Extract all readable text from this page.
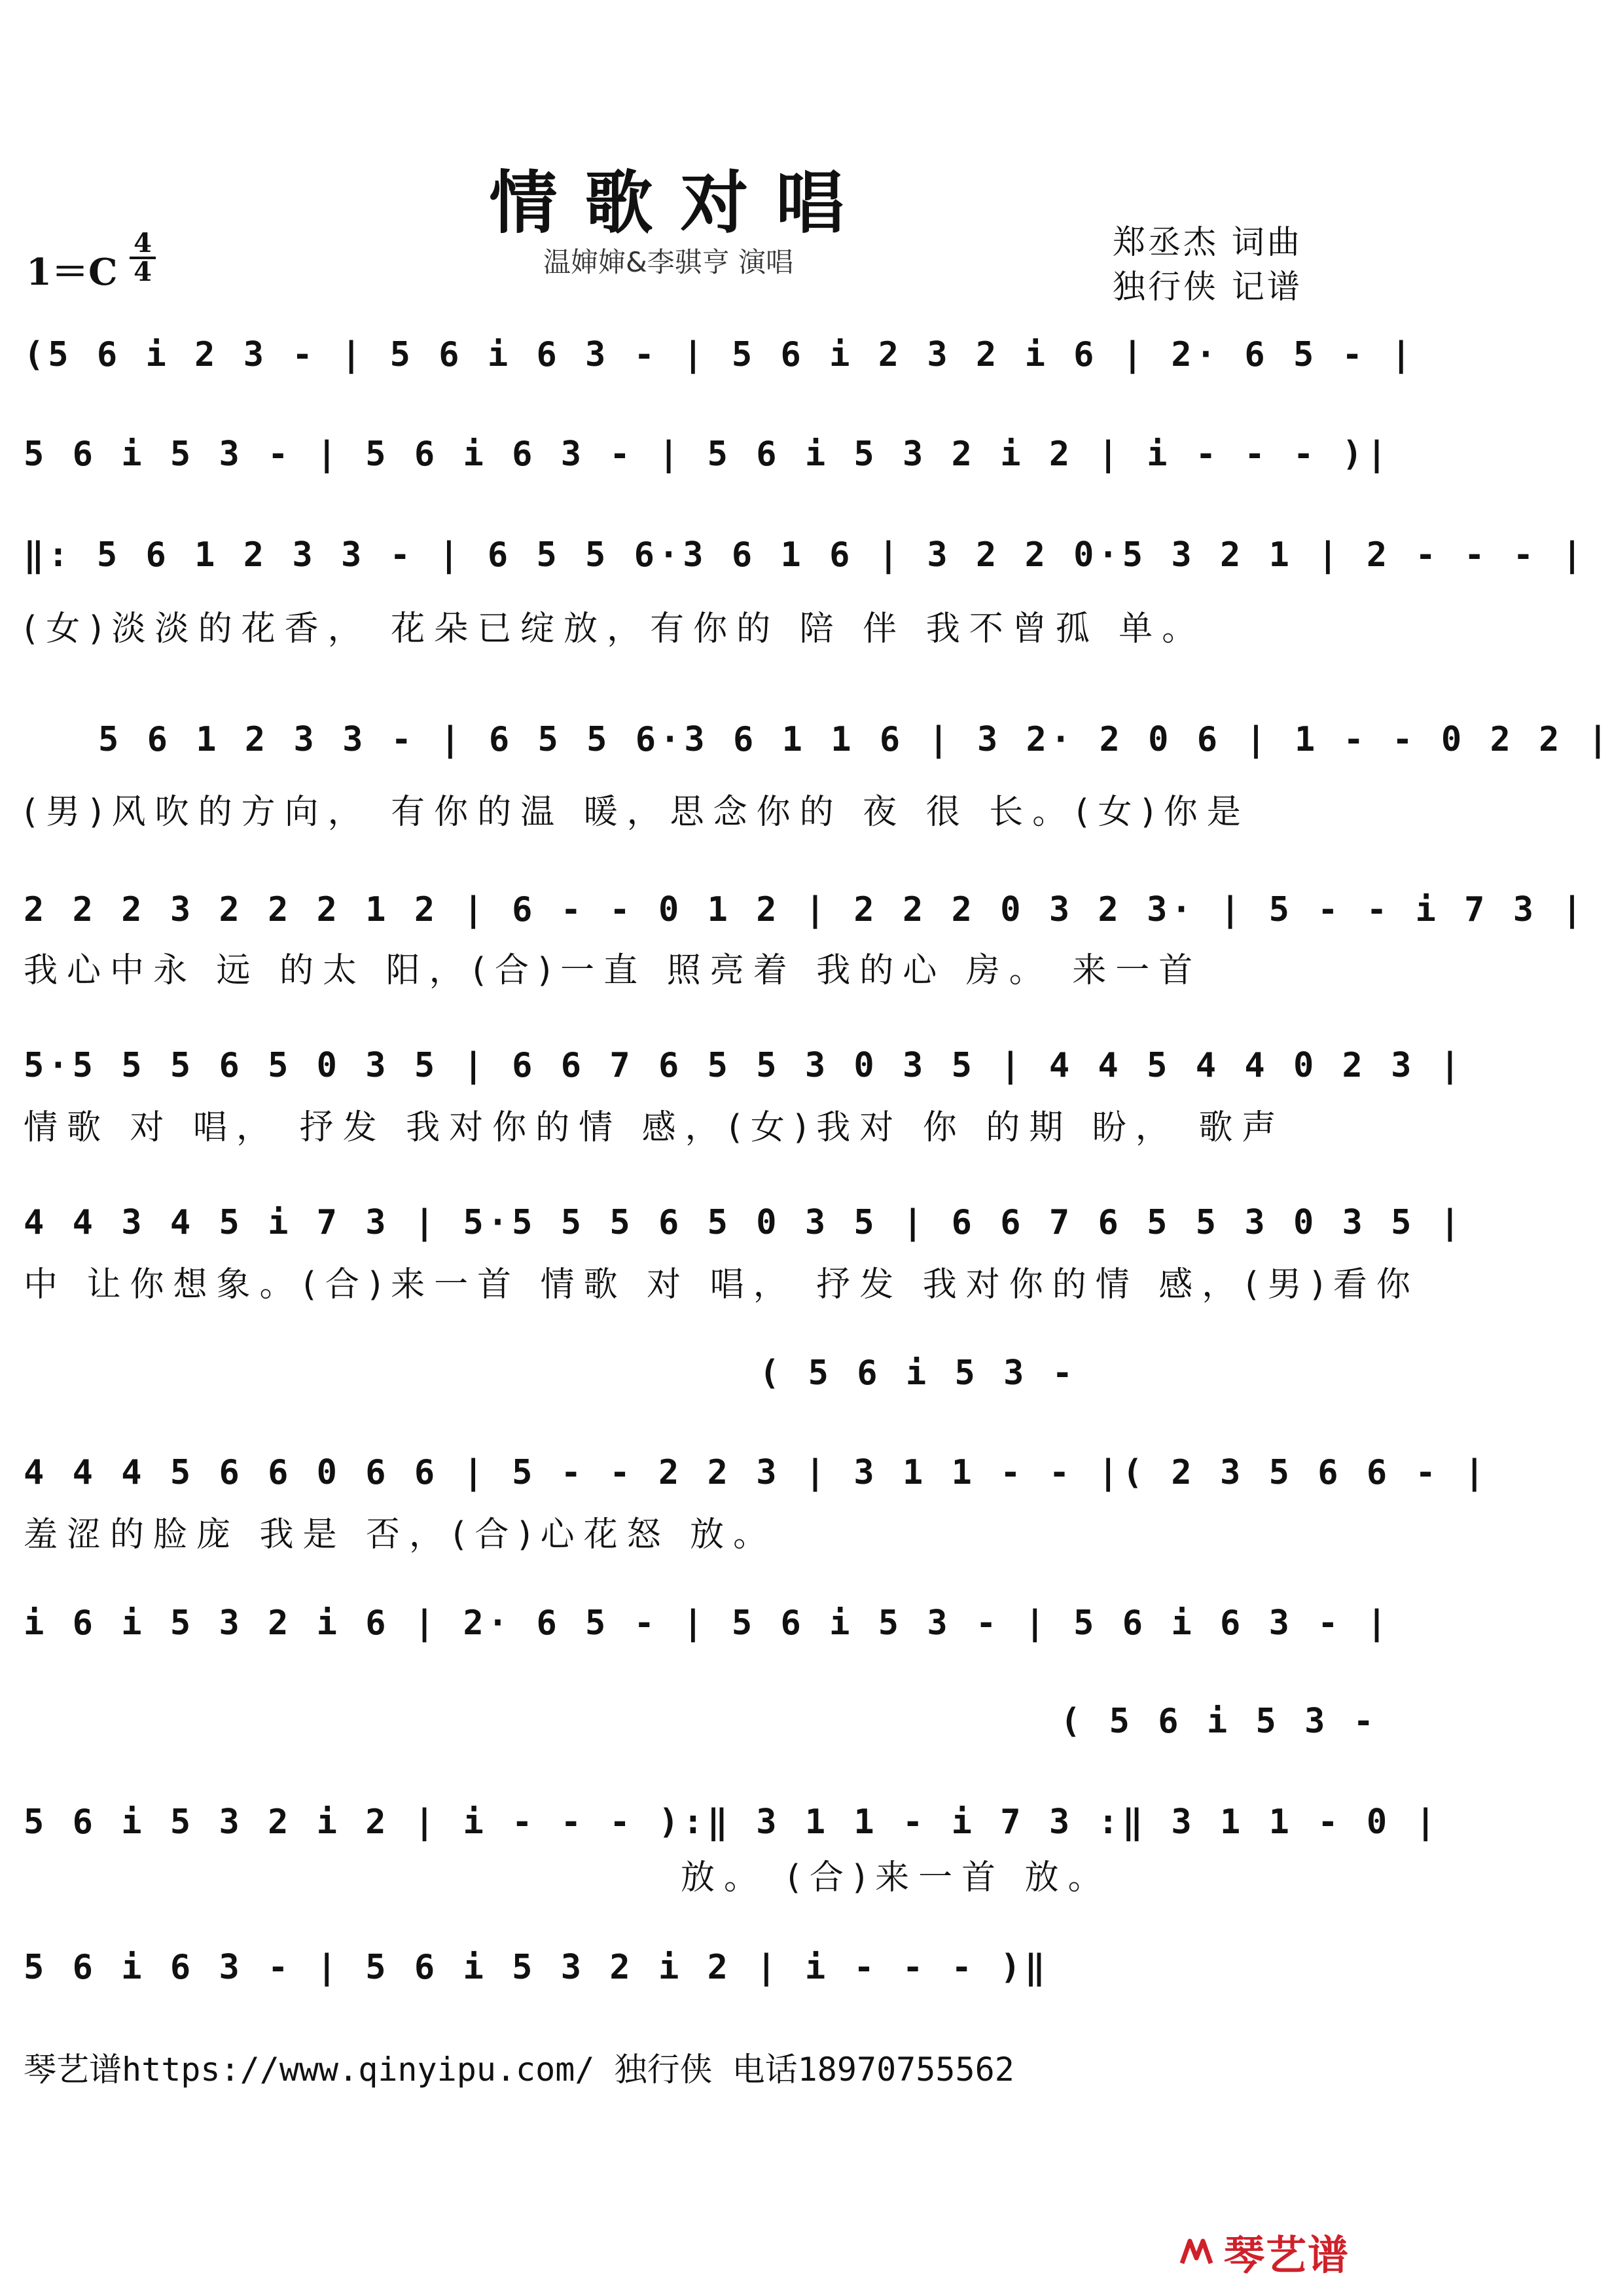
情歌对唱
温婶婶&李骐亨 演唱
郑丞杰 词曲
独行侠 记谱
1＝C
4
4
(5 6 i 2 3 - | 5 6 i 6 3 - | 5 6 i 2 3 2 i 6 | 2· 6 5 - |
5 6 i 5 3 - | 5 6 i 6 3 - | 5 6 i 5 3 2 i 2 | i - - - )|
‖: 5 6 1 2 3 3 - | 6 5 5 6·3 6 1 6 | 3 2 2 0·5 3 2 1 | 2 - - - |
(女)淡淡的花香， 花朵已绽放，有你的 陪 伴 我不曾孤 单。
5 6 1 2 3 3 - | 6 5 5 6·3 6 1 1 6 | 3 2· 2 0 6 | 1 - - 0 2 2 |
(男)风吹的方向， 有你的温 暖，思念你的 夜 很 长。(女)你是
2 2 2 3 2 2 2 1 2 | 6 - - 0 1 2 | 2 2 2 0 3 2 3· | 5 - - i 7 3 |
我心中永 远 的太 阳，(合)一直 照亮着 我的心 房。 来一首
5·5 5 5 6 5 0 3 5 | 6 6 7 6 5 5 3 0 3 5 | 4 4 5 4 4 0 2 3 |
情歌 对 唱， 抒发 我对你的情 感，(女)我对 你 的期 盼， 歌声
4 4 3 4 5 i 7 3 | 5·5 5 5 6 5 0 3 5 | 6 6 7 6 5 5 3 0 3 5 |
中 让你想象。(合)来一首 情歌 对 唱， 抒发 我对你的情 感，(男)看你
( 5 6 i 5 3 -
4 4 4 5 6 6 0 6 6 | 5 - - 2 2 3 | 3 1 1 - - |( 2 3 5 6 6 - |
羞涩的脸庞 我是 否，(合)心花怒 放。
i 6 i 5 3 2 i 6 | 2· 6 5 - | 5 6 i 5 3 - | 5 6 i 6 3 - |
( 5 6 i 5 3 -
5 6 i 5 3 2 i 2 | i - - - ):‖ 3 1 1 - i 7 3 :‖ 3 1 1 - 0 |
放。 (合)来一首 放。
5 6 i 6 3 - | 5 6 i 5 3 2 i 2 | i - - - )‖
琴艺谱https://www.qinyipu.com/ 独行侠 电话18970755562
琴艺谱
